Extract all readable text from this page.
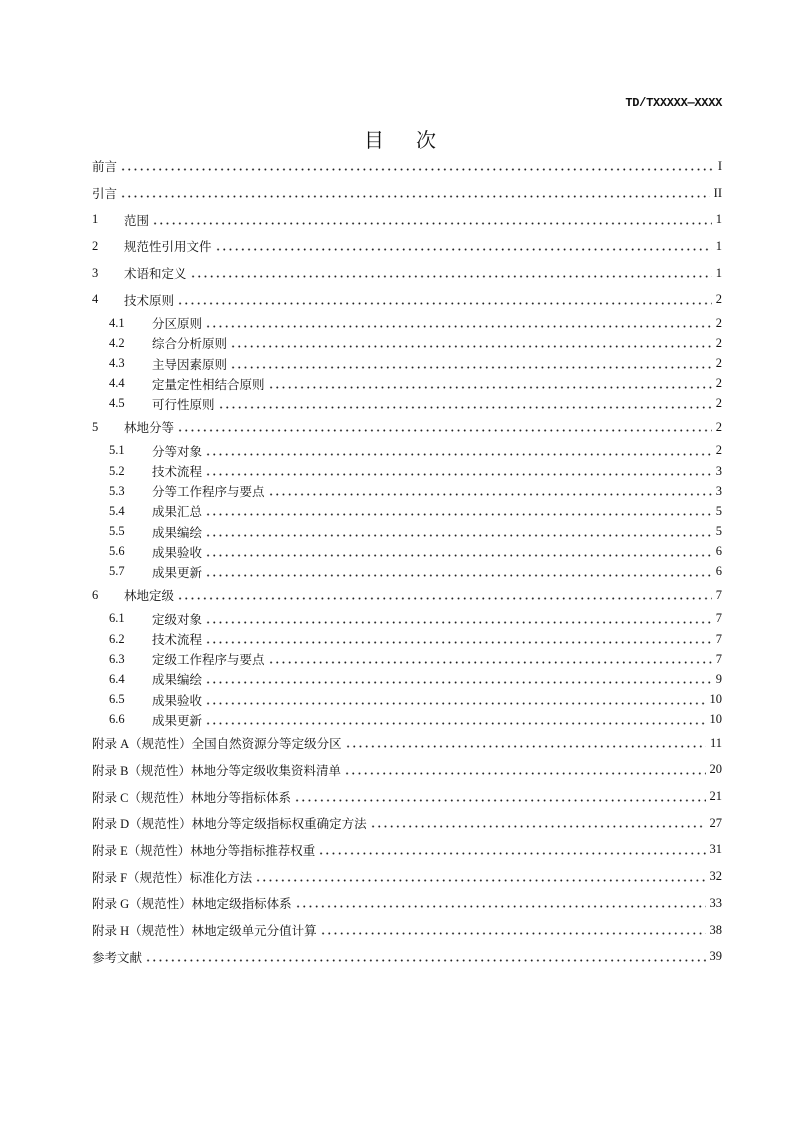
TD/TXXXXX—XXXX
目 次
前言	I
引言	II
1	范围	1
2	规范性引用文件	1
3	术语和定义	1
4	技术原则	2
4.1	分区原则	2
4.2	综合分析原则	2
4.3	主导因素原则	2
4.4	定量定性相结合原则	2
4.5	可行性原则	2
5	林地分等	2
5.1	分等对象	2
5.2	技术流程	3
5.3	分等工作程序与要点	3
5.4	成果汇总	5
5.5	成果编绘	5
5.6	成果验收	6
5.7	成果更新	6
6	林地定级	7
6.1	定级对象	7
6.2	技术流程	7
6.3	定级工作程序与要点	7
6.4	成果编绘	9
6.5	成果验收	10
6.6	成果更新	10
附录 A（规范性）全国自然资源分等定级分区	11
附录 B（规范性）林地分等定级收集资料清单	20
附录 C（规范性）林地分等指标体系	21
附录 D（规范性）林地分等定级指标权重确定方法	27
附录 E（规范性）林地分等指标推荐权重	31
附录 F（规范性）标准化方法	32
附录 G（规范性）林地定级指标体系	33
附录 H（规范性）林地定级单元分值计算	38
参考文献	39
